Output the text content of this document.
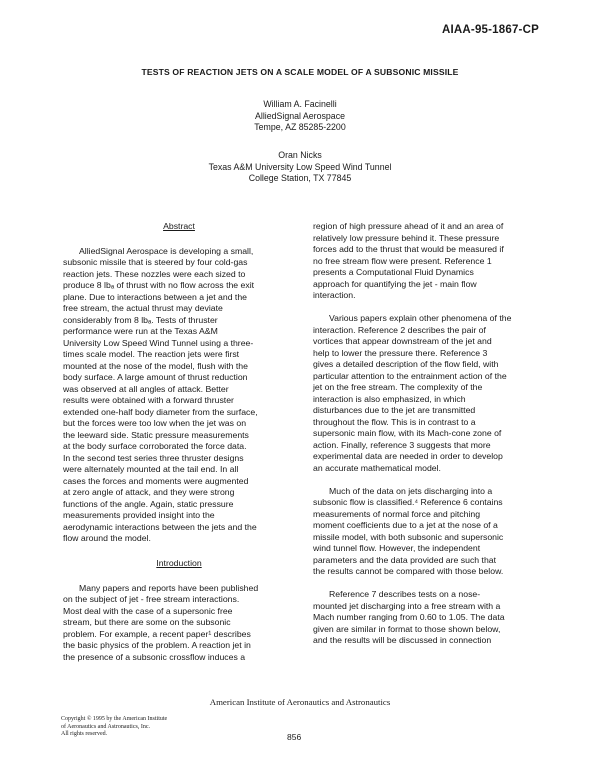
AIAA-95-1867-CP
TESTS OF REACTION JETS ON A SCALE MODEL OF A SUBSONIC MISSILE
William A. Facinelli
AlliedSignal Aerospace
Tempe, AZ 85285-2200
Oran Nicks
Texas A&M University Low Speed Wind Tunnel
College Station, TX 77845
Abstract

AlliedSignal Aerospace is developing a small,
subsonic missile that is steered by four cold-gas
reaction jets. These nozzles were each sized to
produce 8 lbₐ of thrust with no flow across the exit
plane. Due to interactions between a jet and the
free stream, the actual thrust may deviate
considerably from 8 lbₐ. Tests of thruster
performance were run at the Texas A&M
University Low Speed Wind Tunnel using a three-
times scale model. The reaction jets were first
mounted at the nose of the model, flush with the
body surface. A large amount of thrust reduction
was observed at all angles of attack. Better
results were obtained with a forward thruster
extended one-half body diameter from the surface,
but the forces were too low when the jet was on
the leeward side. Static pressure measurements
at the body surface corroborated the force data.
In the second test series three thruster designs
were alternately mounted at the tail end. In all
cases the forces and moments were augmented
at zero angle of attack, and they were strong
functions of the angle. Again, static pressure
measurements provided insight into the
aerodynamic interactions between the jets and the
flow around the model.

Introduction

Many papers and reports have been published
on the subject of jet - free stream interactions.
Most deal with the case of a supersonic free
stream, but there are some on the subsonic
problem. For example, a recent paper¹ describes
the basic physics of the problem. A reaction jet in
the presence of a subsonic crossflow induces a

region of high pressure ahead of it and an area of
relatively low pressure behind it. These pressure
forces add to the thrust that would be measured if
no free stream flow were present. Reference 1
presents a Computational Fluid Dynamics
approach for quantifying the jet - main flow
interaction.

Various papers explain other phenomena of the
interaction. Reference 2 describes the pair of
vortices that appear downstream of the jet and
help to lower the pressure there. Reference 3
gives a detailed description of the flow field, with
particular attention to the entrainment action of the
jet on the free stream. The complexity of the
interaction is also emphasized, in which
disturbances due to the jet are transmitted
throughout the flow. This is in contrast to a
supersonic main flow, with its Mach-cone zone of
action. Finally, reference 3 suggests that more
experimental data are needed in order to develop
an accurate mathematical model.

Much of the data on jets discharging into a
subsonic flow is classified.⁴ Reference 6 contains
measurements of normal force and pitching
moment coefficients due to a jet at the nose of a
missile model, with both subsonic and supersonic
wind tunnel flow. However, the independent
parameters and the data provided are such that
the results cannot be compared with those below.

Reference 7 describes tests on a nose-
mounted jet discharging into a free stream with a
Mach number ranging from 0.60 to 1.05. The data
given are similar in format to those shown below,
and the results will be discussed in connection

American Institute of Aeronautics and Astronautics
Copyright © 1995 by the American Institute
of Aeronautics and Astronautics, Inc.
All rights reserved.	856
